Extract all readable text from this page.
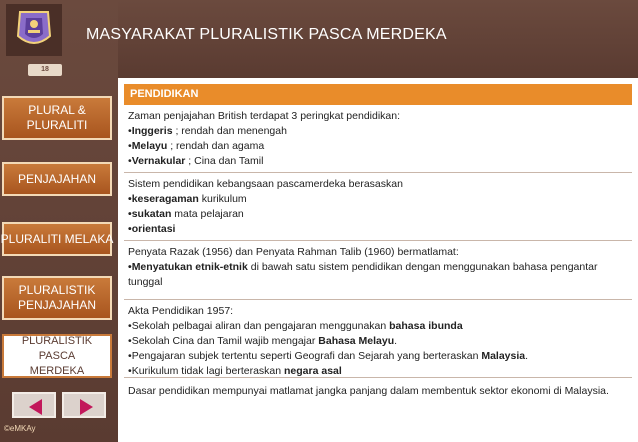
18
MASYARAKAT PLURALISTIK PASCA MERDEKA
PLURAL &
PLURALITI
PENJAJAHAN
PLURALITI MELAKA
PLURALISTIK
PENJAJAHAN
PLURALISTIK PASCA
MERDEKA
©eMKAy
PENDIDIKAN
Zaman penjajahan British terdapat 3 peringkat pendidikan:
•Inggeris ; rendah dan menengah
•Melayu ; rendah dan agama
•Vernakular ; Cina dan Tamil
Sistem pendidikan kebangsaan pascamerdeka berasaskan
•keseragaman kurikulum
•sukatan mata pelajaran
•orientasi
Penyata Razak (1956) dan Penyata Rahman Talib (1960) bermatlamat:
•Menyatukan etnik-etnik di bawah satu sistem pendidikan dengan menggunakan bahasa pengantar tunggal
Akta Pendidikan 1957:
•Sekolah pelbagai aliran dan pengajaran menggunakan bahasa ibunda
•Sekolah Cina dan Tamil wajib mengajar Bahasa Melayu.
•Pengajaran subjek tertentu seperti Geografi dan Sejarah yang berteraskan Malaysia.
•Kurikulum tidak lagi berteraskan negara asal
Dasar pendidikan mempunyai matlamat jangka panjang dalam membentuk sektor ekonomi di Malaysia.
